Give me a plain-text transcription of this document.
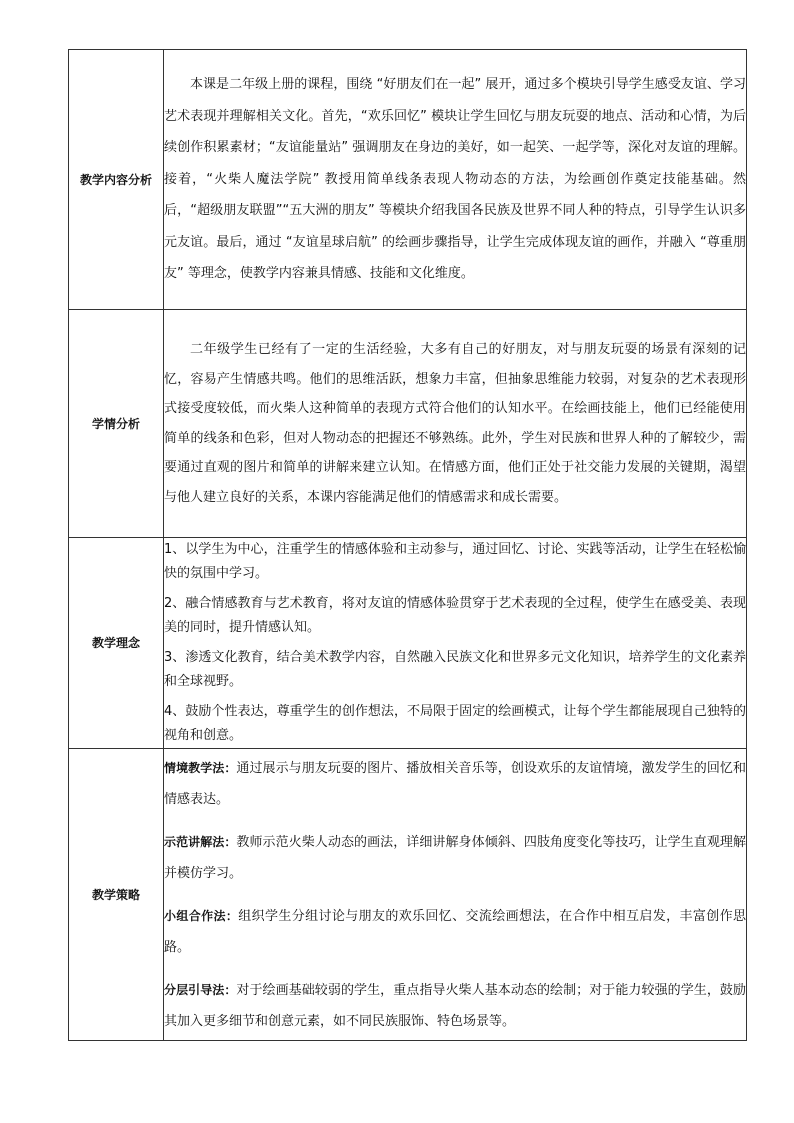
教学内容分析	本课是二年级上册的课程，围绕 “好朋友们在一起” 展开，通过多个模块引导学生感受友谊、学习艺术表现并理解相关文化。首先，“欢乐回忆” 模块让学生回忆与朋友玩耍的地点、活动和心情，为后续创作积累素材；“友谊能量站” 强调朋友在身边的美好，如一起笑、一起学等，深化对友谊的理解。接着，“火柴人魔法学院” 教授用简单线条表现人物动态的方法，为绘画创作奠定技能基础。然后，“超级朋友联盟”“五大洲的朋友” 等模块介绍我国各民族及世界不同人种的特点，引导学生认识多元友谊。最后，通过 “友谊星球启航” 的绘画步骤指导，让学生完成体现友谊的画作，并融入 “尊重朋友” 等理念，使教学内容兼具情感、技能和文化维度。

学情分析	二年级学生已经有了一定的生活经验，大多有自己的好朋友，对与朋友玩耍的场景有深刻的记忆，容易产生情感共鸣。他们的思维活跃，想象力丰富，但抽象思维能力较弱，对复杂的艺术表现形式接受度较低，而火柴人这种简单的表现方式符合他们的认知水平。在绘画技能上，他们已经能使用简单的线条和色彩，但对人物动态的把握还不够熟练。此外，学生对民族和世界人种的了解较少，需要通过直观的图片和简单的讲解来建立认知。在情感方面，他们正处于社交能力发展的关键期，渴望与他人建立良好的关系，本课内容能满足他们的情感需求和成长需要。

教学理念	1、以学生为中心，注重学生的情感体验和主动参与，通过回忆、讨论、实践等活动，让学生在轻松愉快的氛围中学习。

2、融合情感教育与艺术教育，将对友谊的情感体验贯穿于艺术表现的全过程，使学生在感受美、表现美的同时，提升情感认知。

3、渗透文化教育，结合美术教学内容，自然融入民族文化和世界多元文化知识，培养学生的文化素养和全球视野。

4、鼓励个性表达，尊重学生的创作想法，不局限于固定的绘画模式，让每个学生都能展现自己独特的视角和创意。

教学策略	情境教学法：通过展示与朋友玩耍的图片、播放相关音乐等，创设欢乐的友谊情境，激发学生的回忆和情感表达。

示范讲解法：教师示范火柴人动态的画法，详细讲解身体倾斜、四肢角度变化等技巧，让学生直观理解并模仿学习。

小组合作法：组织学生分组讨论与朋友的欢乐回忆、交流绘画想法，在合作中相互启发，丰富创作思路。

分层引导法：对于绘画基础较弱的学生，重点指导火柴人基本动态的绘制；对于能力较强的学生，鼓励其加入更多细节和创意元素，如不同民族服饰、特色场景等。
